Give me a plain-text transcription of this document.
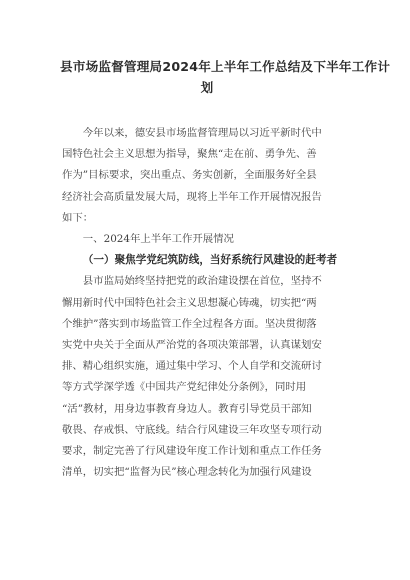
县市场监督管理局2024年上半年工作总结及下半年工作计
划
今年以来，德安县市场监督管理局以习近平新时代中
国特色社会主义思想为指导，聚焦“走在前、勇争先、善
作为”目标要求，突出重点、务实创新，全面服务好全县
经济社会高质量发展大局，现将上半年工作开展情况报告
如下：
一、2024年上半年工作开展情况
（一）聚焦学党纪筑防线，当好系统行风建设的赶考者
县市监局始终坚持把党的政治建设摆在首位，坚持不
懈用新时代中国特色社会主义思想凝心铸魂，切实把“两
个维护”落实到市场监管工作全过程各方面。坚决贯彻落
实党中央关于全面从严治党的各项决策部署，认真谋划安
排、精心组织实施，通过集中学习、个人自学和交流研讨
等方式学深学透《中国共产党纪律处分条例》，同时用
“活”教材，用身边事教育身边人。教育引导党员干部知
敬畏、存戒惧、守底线。结合行风建设三年攻坚专项行动
要求，制定完善了行风建设年度工作计划和重点工作任务
清单，切实把“监督为民”核心理念转化为加强行风建设
